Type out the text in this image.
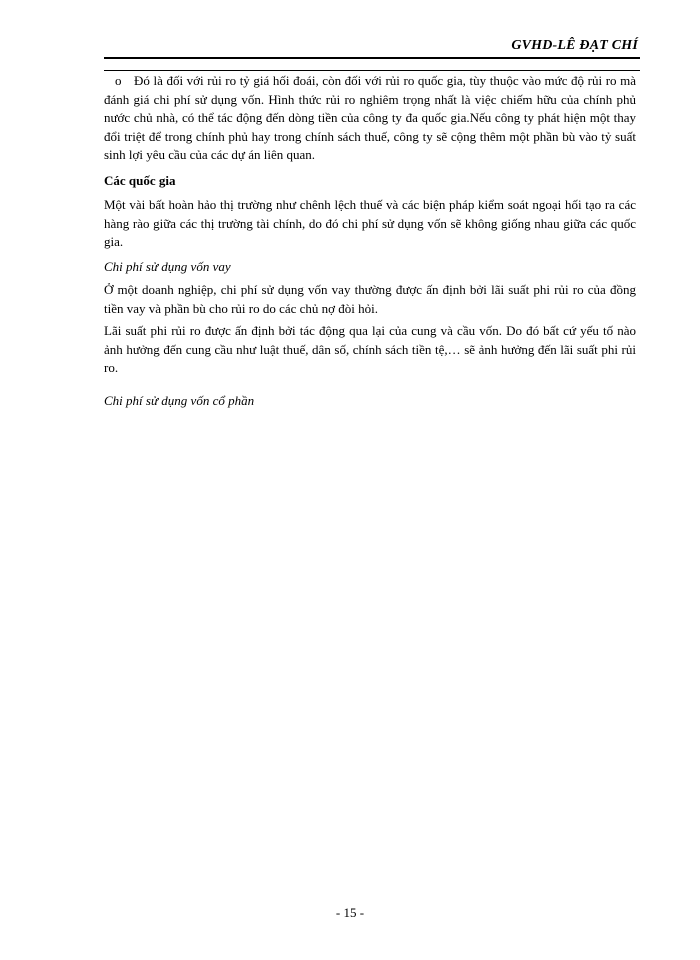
GVHD-LÊ ĐẠT CHÍ

o Đó là đối với rủi ro tỷ giá hối đoái, còn đối với rủi ro quốc gia, tùy thuộc vào mức độ rủi ro mà đánh giá chi phí sử dụng vốn. Hình thức rủi ro nghiêm trọng nhất là việc chiếm hữu của chính phủ nước chủ nhà, có thể tác động đến dòng tiền của công ty đa quốc gia.Nếu công ty phát hiện một thay đổi triệt để trong chính phủ hay trong chính sách thuế, công ty sẽ cộng thêm một phần bù vào tỷ suất sinh lợi yêu cầu của các dự án liên quan.

Các quốc gia

Một vài bất hoàn hảo thị trường như chênh lệch thuế và các biện pháp kiểm soát ngoại hối tạo ra các hàng rào giữa các thị trường tài chính, do đó chi phí sử dụng vốn sẽ không giống nhau giữa các quốc gia.

Chi phí sử dụng vốn vay

Ở một doanh nghiệp, chi phí sử dụng vốn vay thường được ấn định bởi lãi suất phi rủi ro của đồng tiền vay và phần bù cho rủi ro do các chủ nợ đòi hỏi.

Lãi suất phi rủi ro được ấn định bởi tác động qua lại của cung và cầu vốn. Do đó bất cứ yếu tố nào ảnh hưởng đến cung cầu như luật thuế, dân số, chính sách tiền tệ,… sẽ ảnh hưởng đến lãi suất phi rủi ro.

Chi phí sử dụng vốn cổ phần
- 15 -
